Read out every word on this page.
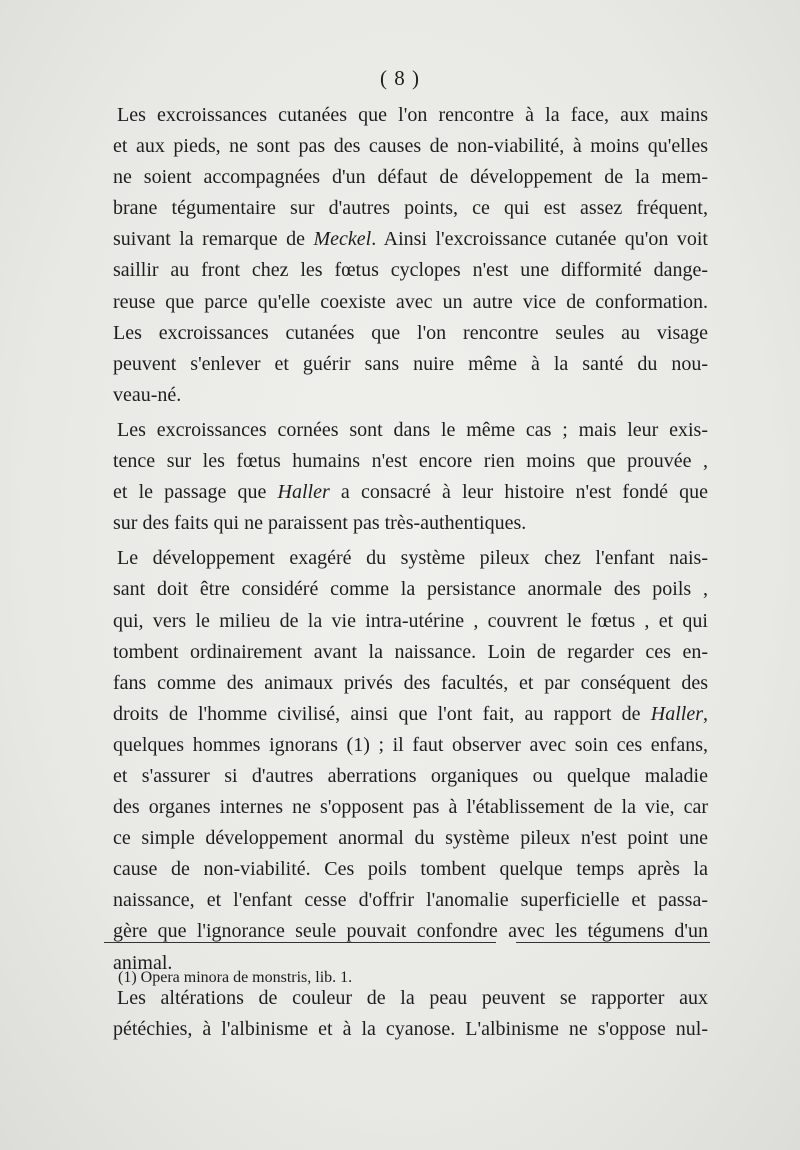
( 8 )
Les excroissances cutanées que l'on rencontre à la face, aux mains
et aux pieds, ne sont pas des causes de non-viabilité, à moins qu'elles
ne soient accompagnées d'un défaut de développement de la mem-
brane tégumentaire sur d'autres points, ce qui est assez fréquent,
suivant la remarque de Meckel. Ainsi l'excroissance cutanée qu'on voit
saillir au front chez les fœtus cyclopes n'est une difformité dange-
reuse que parce qu'elle coexiste avec un autre vice de conformation.
Les excroissances cutanées que l'on rencontre seules au visage
peuvent s'enlever et guérir sans nuire même à la santé du nou-
veau-né.
Les excroissances cornées sont dans le même cas ; mais leur exis-
tence sur les fœtus humains n'est encore rien moins que prouvée ,
et le passage que Haller a consacré à leur histoire n'est fondé que
sur des faits qui ne paraissent pas très-authentiques.
Le développement exagéré du système pileux chez l'enfant nais-
sant doit être considéré comme la persistance anormale des poils ,
qui, vers le milieu de la vie intra-utérine , couvrent le fœtus , et qui
tombent ordinairement avant la naissance. Loin de regarder ces en-
fans comme des animaux privés des facultés, et par conséquent des
droits de l'homme civilisé, ainsi que l'ont fait, au rapport de Haller,
quelques hommes ignorans (1) ; il faut observer avec soin ces enfans,
et s'assurer si d'autres aberrations organiques ou quelque maladie
des organes internes ne s'opposent pas à l'établissement de la vie, car
ce simple développement anormal du système pileux n'est point une
cause de non-viabilité. Ces poils tombent quelque temps après la
naissance, et l'enfant cesse d'offrir l'anomalie superficielle et passa-
gère que l'ignorance seule pouvait confondre avec les tégumens d'un
animal.
Les altérations de couleur de la peau peuvent se rapporter aux
pétéchies, à l'albinisme et à la cyanose. L'albinisme ne s'oppose nul-
(1) Opera minora de monstris, lib. 1.
